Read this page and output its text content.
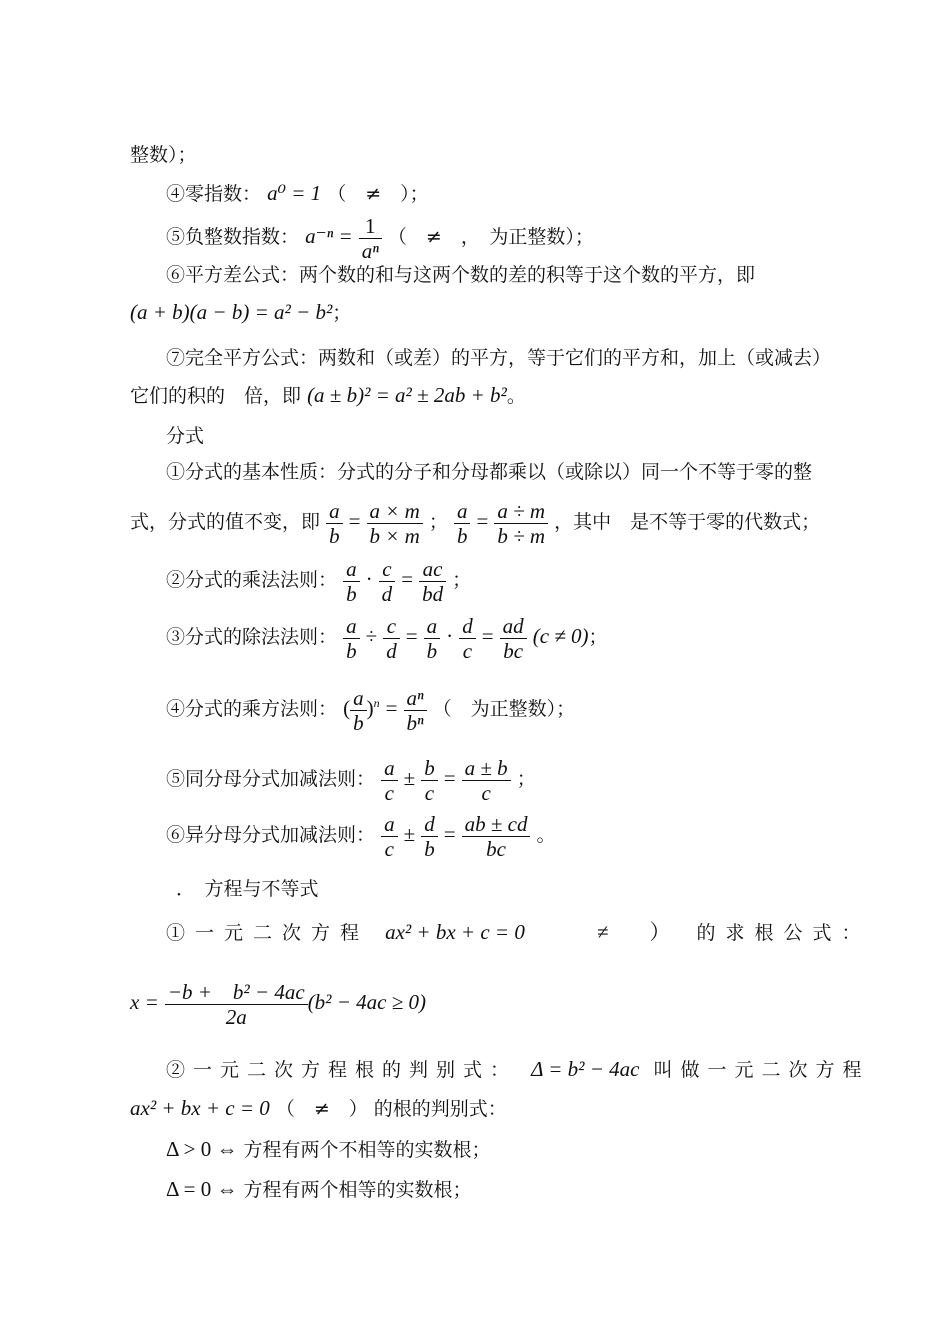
整数）；
④零指数： a⁰ = 1 （　≠　）；
⑤负整数指数： $a^{-n} = \frac{1}{\text{aⁿ}}$ （　≠　，　为正整数）；
⑥平方差公式：两个数的和与这两个数的差的积等于这个数的平方，即
(a + b)(a − b) = a² − b²；
⑦完全平方公式：两数和（或差）的平方，等于它们的平方和，加上（或减去）
它们的积的　倍，即 (a ± b)² = a² ± 2ab + b²。
分式
①分式的基本性质：分式的分子和分母都乘以（或除以）同一个不等于零的整
式，分式的值不变，即 $\frac{a}{b} = \frac{a \times m}{b \times m}$ ； $\frac{a}{b} = \frac{a \div m}{b \div m}$ ，其中　是不等于零的代数式；
②分式的乘法法则： $\frac{a}{b} \cdot \frac{c}{d} = \frac{ac}{bd}$ ；
③分式的除法法则： $\frac{a}{b} \div \frac{c}{d} = \frac{a}{b} \cdot \frac{d}{c} = \frac{ad}{bc} (c \ne 0)$；
④分式的乘方法则： ( $\frac{a}{b} )^n = \frac{\text{aⁿ}}{\text{bⁿ}}$ （　为正整数）；
⑤同分母分式加减法则： $\frac{a}{c} \pm \frac{b}{c} = \frac{a \pm b}{c}$ ；
⑥异分母分式加减法则： $\frac{a}{c} \pm \frac{d}{b} = \frac{ab \pm cd}{bc}$ 。
．　方程与不等式
①一元二次方程 ax² + bx + c = 0	≠　） 的求根公式：
$x = \frac{\text{−b +　b² − 4ac}}{2a} (b^2 - 4ac \ge 0)$
②一元二次方程根的判别式： Δ = b² − 4ac 叫做一元二次方程
ax² + bx + c = 0 （　≠　） 的根的判别式：
Δ > 0 ⇔ 方程有两个不相等的实数根；
Δ = 0 ⇔ 方程有两个相等的实数根；
